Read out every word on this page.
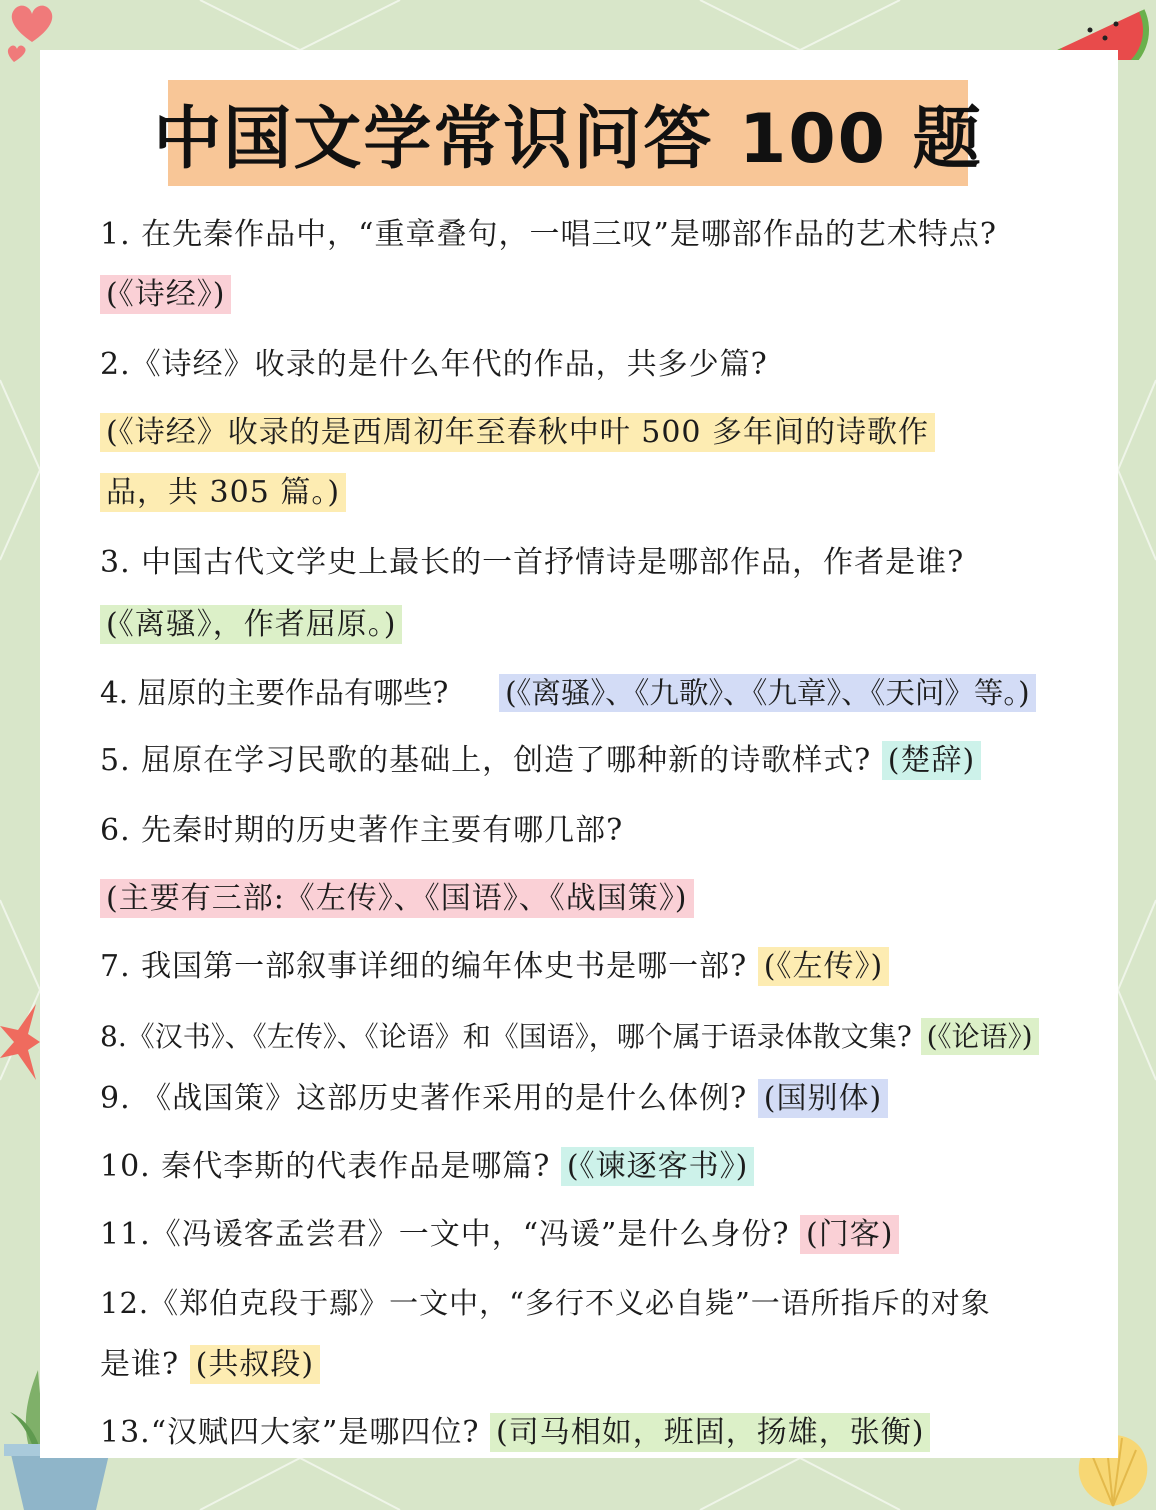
中国文学常识问答 100 题
1. 在先秦作品中，“重章叠句，一唱三叹”是哪部作品的艺术特点?
(《诗经》)
2.《诗经》收录的是什么年代的作品，共多少篇?
(《诗经》收录的是西周初年至春秋中叶 500 多年间的诗歌作
品，共 305 篇。)
3. 中国古代文学史上最长的一首抒情诗是哪部作品，作者是谁?
(《离骚》，作者屈原。)
4. 屈原的主要作品有哪些? (《离骚》、《九歌》、《九章》、《天问》等。)
5. 屈原在学习民歌的基础上，创造了哪种新的诗歌样式? (楚辞)
6. 先秦时期的历史著作主要有哪几部?
(主要有三部:《左传》、《国语》、《战国策》)
7. 我国第一部叙事详细的编年体史书是哪一部? (《左传》)
8.《汉书》、《左传》、《论语》和《国语》，哪个属于语录体散文集? (《论语》)
9. 《战国策》这部历史著作采用的是什么体例? (国别体)
10. 秦代李斯的代表作品是哪篇? (《谏逐客书》)
11.《冯谖客孟尝君》一文中，“冯谖”是什么身份? (门客)
12.《郑伯克段于鄢》一文中，“多行不义必自毙”一语所指斥的对象
是谁? (共叔段)
13.“汉赋四大家”是哪四位? (司马相如，班固，扬雄，张衡)
